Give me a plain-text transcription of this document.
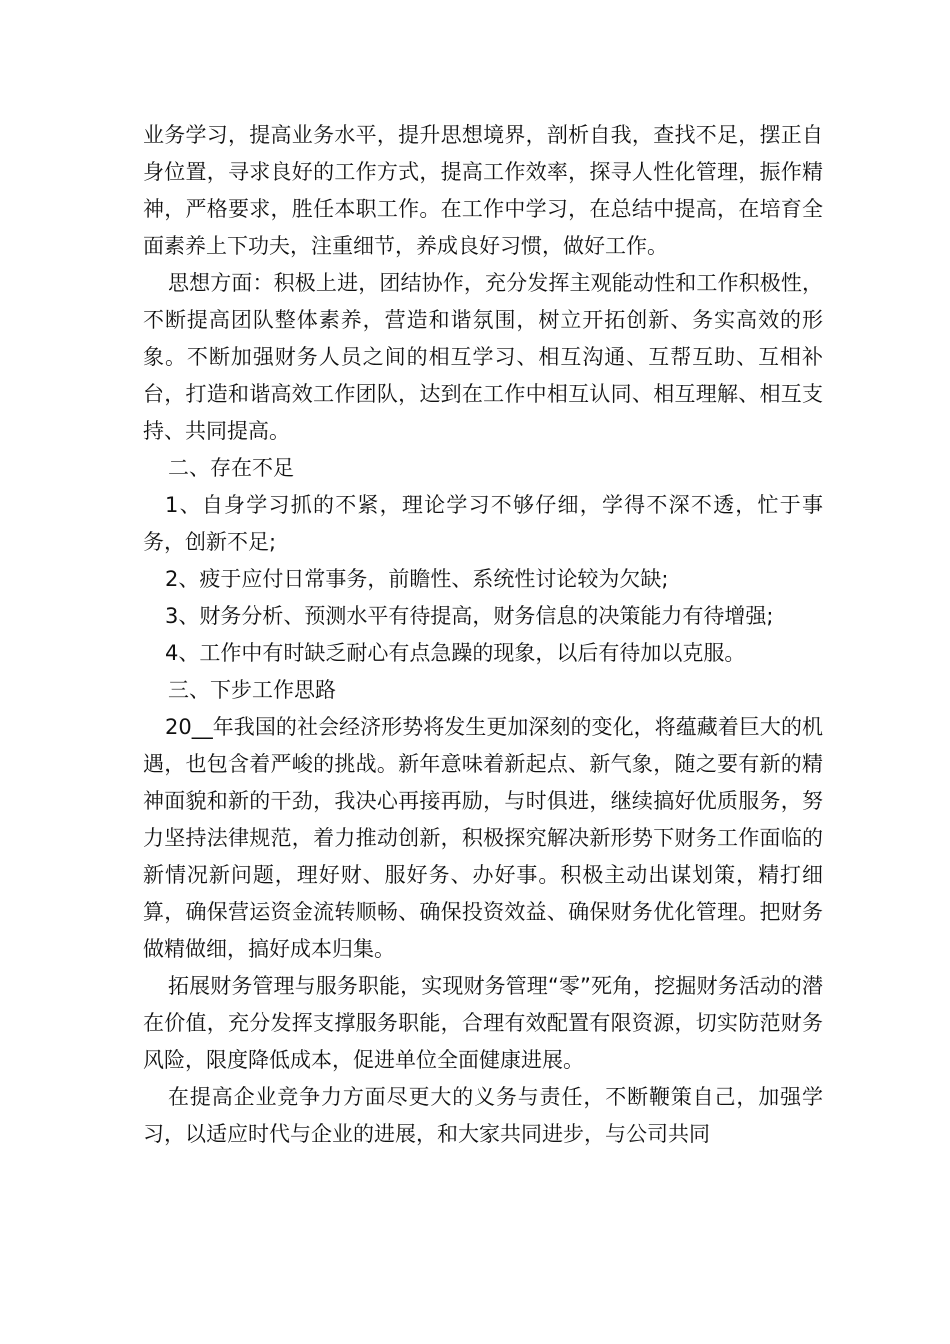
业务学习，提高业务水平，提升思想境界，剖析自我，查找不足，摆正自身位置，寻求良好的工作方式，提高工作效率，探寻人性化管理，振作精神，严格要求，胜任本职工作。在工作中学习，在总结中提高，在培育全面素养上下功夫，注重细节，养成良好习惯，做好工作。

思想方面：积极上进，团结协作，充分发挥主观能动性和工作积极性，不断提高团队整体素养，营造和谐氛围，树立开拓创新、务实高效的形象。不断加强财务人员之间的相互学习、相互沟通、互帮互助、互相补台，打造和谐高效工作团队，达到在工作中相互认同、相互理解、相互支持、共同提高。

二、存在不足

1、自身学习抓的不紧，理论学习不够仔细，学得不深不透，忙于事务，创新不足;

2、疲于应付日常事务，前瞻性、系统性讨论较为欠缺;

3、财务分析、预测水平有待提高，财务信息的决策能力有待增强;

4、工作中有时缺乏耐心有点急躁的现象，以后有待加以克服。

三、下步工作思路

20__年我国的社会经济形势将发生更加深刻的变化，将蕴藏着巨大的机遇，也包含着严峻的挑战。新年意味着新起点、新气象，随之要有新的精神面貌和新的干劲，我决心再接再励，与时俱进，继续搞好优质服务，努力坚持法律规范，着力推动创新，积极探究解决新形势下财务工作面临的新情况新问题，理好财、服好务、办好事。积极主动出谋划策，精打细算，确保营运资金流转顺畅、确保投资效益、确保财务优化管理。把财务做精做细，搞好成本归集。

拓展财务管理与服务职能，实现财务管理“零”死角，挖掘财务活动的潜在价值，充分发挥支撑服务职能，合理有效配置有限资源，切实防范财务风险，限度降低成本，促进单位全面健康进展。

在提高企业竞争力方面尽更大的义务与责任，不断鞭策自己，加强学习，以适应时代与企业的进展，和大家共同进步，与公司共同
